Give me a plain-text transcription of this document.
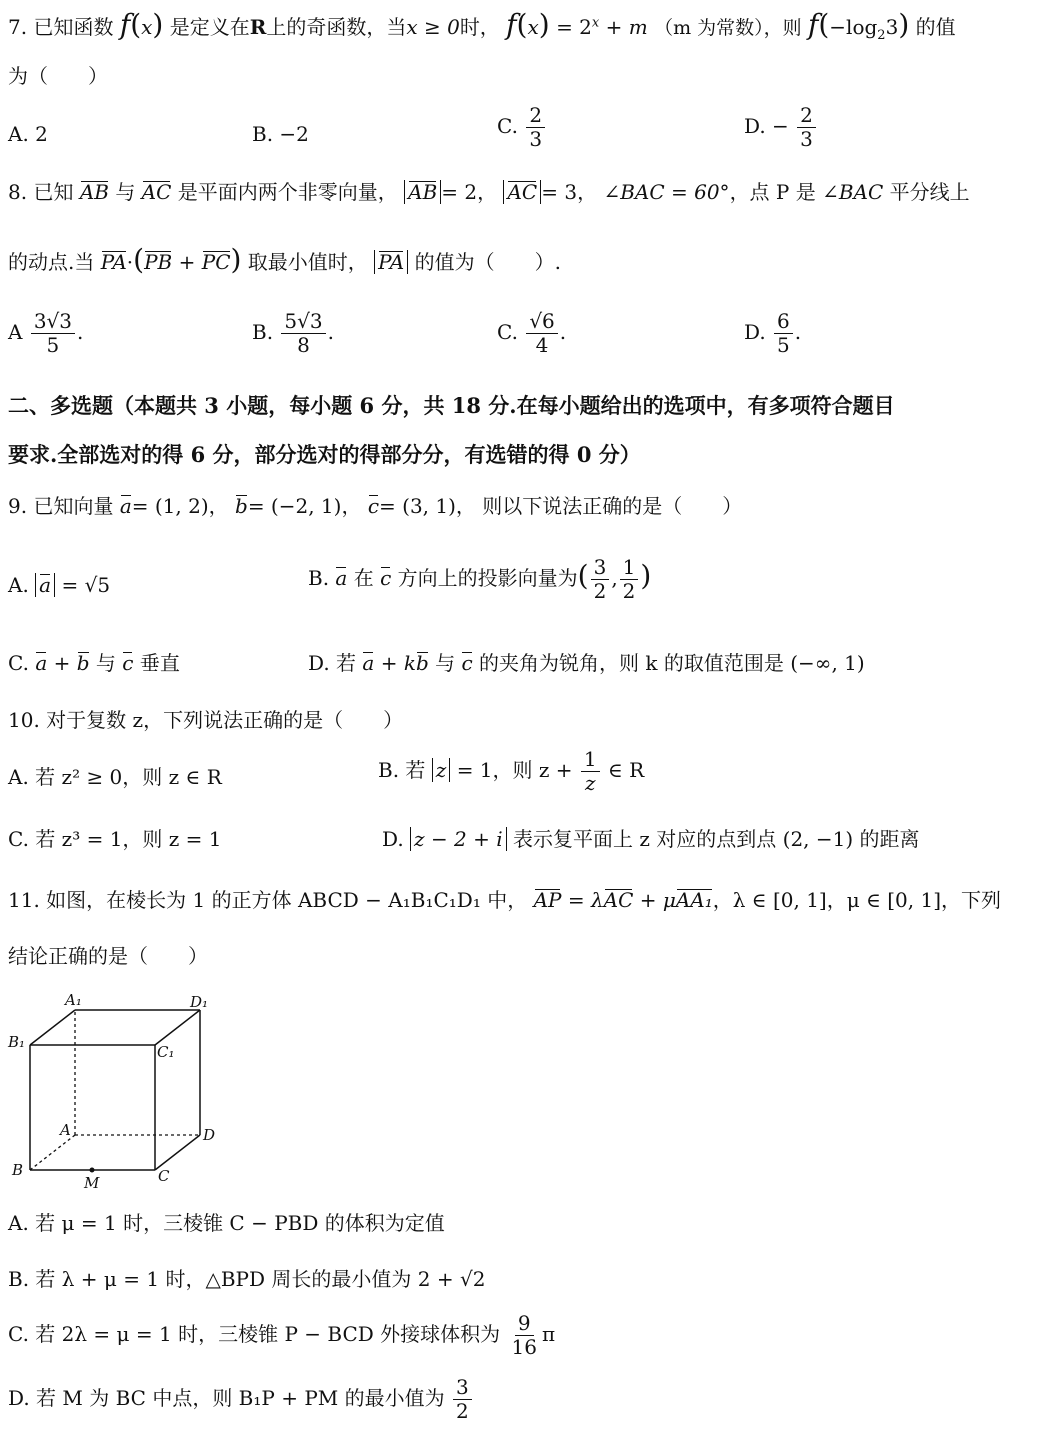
7. 已知函数 f(x) 是定义在R上的奇函数，当x ≥ 0时， $f(x) = 2^x + m$ （m 为常数），则 $f(-\log_23)$ 的值
为（　　）
A. 2	B. −2	C. $\frac{2}{3}$	D. − $\frac{2}{3}$
8. 已知 AB 与 AC 是平面内两个非零向量， AB = 2， AC = 3， ∠BAC = 60°，点 P 是 ∠BAC 平分线上
的动点.当 PA·(PB + PC) 取最小值时， PA 的值为（　　）.
A $\frac{3√3}{5}$ .	B. $\frac{5√3}{8}$ .	C. $\frac{√6}{4}$ .	D. $\frac{6}{5}$ .
二、多选题（本题共 3 小题，每小题 6 分，共 18 分.在每小题给出的选项中，有多项符合题目
要求.全部选对的得 6 分，部分选对的得部分分，有选错的得 0 分）
9. 已知向量 a= (1, 2)， b= (−2, 1)， c= (3, 1)， 则以下说法正确的是（　　）
A. a = √5	B. a 在 c 方向上的投影向量为( $\frac{3}{2}$ , $\frac{1}{2}$ )
C. a + b 与 c 垂直	D. 若 a + kb 与 c 的夹角为锐角，则 k 的取值范围是 (−∞, 1)
10. 对于复数 z，下列说法正确的是（　　）
A. 若 z² ≥ 0，则 z ∈ R	B. 若 z = 1，则 $z + \frac{1}{z}$ ∈ R
C. 若 z³ = 1，则 z = 1	D. z − 2 + i 表示复平面上 z 对应的点到点 (2, −1) 的距离
11. 如图，在棱长为 1 的正方体 ABCD − A₁B₁C₁D₁ 中， AP = λAC + μAA₁，λ ∈ [0, 1]，μ ∈ [0, 1]，下列
结论正确的是（　　）
A₁	D₁
B₁
C₁
A	D
B	C
M
A. 若 μ = 1 时，三棱锥 C − PBD 的体积为定值
B. 若 λ + μ = 1 时，△BPD 周长的最小值为 2 + √2
C. 若 2λ = μ = 1 时，三棱锥 P − BCD 外接球体积为 $\frac{9}{16}$ π
D. 若 M 为 BC 中点，则 B₁P + PM 的最小值为 $\frac{3}{2}$
